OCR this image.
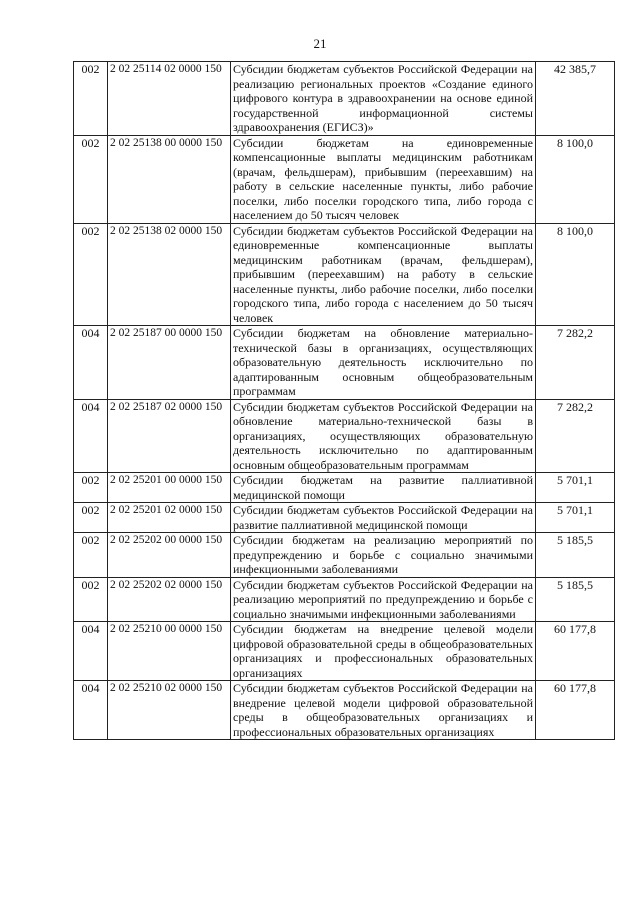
21
002	2 02 25114 02 0000 150	Субсидии бюджетам субъектов Российской Федерации на реализацию региональных проектов «Создание единого цифрового контура в здравоохранении на основе единой государственной информационной системы здравоохранения (ЕГИСЗ)»	42 385,7
002	2 02 25138 00 0000 150	Субсидии бюджетам на единовременные компенсационные выплаты медицинским работникам (врачам, фельдшерам), прибывшим (переехавшим) на работу в сельские населенные пункты, либо рабочие поселки, либо поселки городского типа, либо города с населением до 50 тысяч человек	8 100,0
002	2 02 25138 02 0000 150	Субсидии бюджетам субъектов Российской Федерации на единовременные компенсационные выплаты медицинским работникам (врачам, фельдшерам), прибывшим (переехавшим) на работу в сельские населенные пункты, либо рабочие поселки, либо поселки городского типа, либо города с населением до 50 тысяч человек	8 100,0
004	2 02 25187 00 0000 150	Субсидии бюджетам на обновление материально-технической базы в организациях, осуществляющих образовательную деятельность исключительно по адаптированным основным общеобразовательным программам	7 282,2
004	2 02 25187 02 0000 150	Субсидии бюджетам субъектов Российской Федерации на обновление материально-технической базы в организациях, осуществляющих образовательную деятельность исключительно по адаптированным основным общеобразовательным программам	7 282,2
002	2 02 25201 00 0000 150	Субсидии бюджетам на развитие паллиативной медицинской помощи	5 701,1
002	2 02 25201 02 0000 150	Субсидии бюджетам субъектов Российской Федерации на развитие паллиативной медицинской помощи	5 701,1
002	2 02 25202 00 0000 150	Субсидии бюджетам на реализацию мероприятий по предупреждению и борьбе с социально значимыми инфекционными заболеваниями	5 185,5
002	2 02 25202 02 0000 150	Субсидии бюджетам субъектов Российской Федерации на реализацию мероприятий по предупреждению и борьбе с социально значимыми инфекционными заболеваниями	5 185,5
004	2 02 25210 00 0000 150	Субсидии бюджетам на внедрение целевой модели цифровой образовательной среды в общеобразовательных организациях и профессиональных образовательных организациях	60 177,8
004	2 02 25210 02 0000 150	Субсидии бюджетам субъектов Российской Федерации на внедрение целевой модели цифровой образовательной среды в общеобразовательных организациях и профессиональных образовательных организациях	60 177,8
